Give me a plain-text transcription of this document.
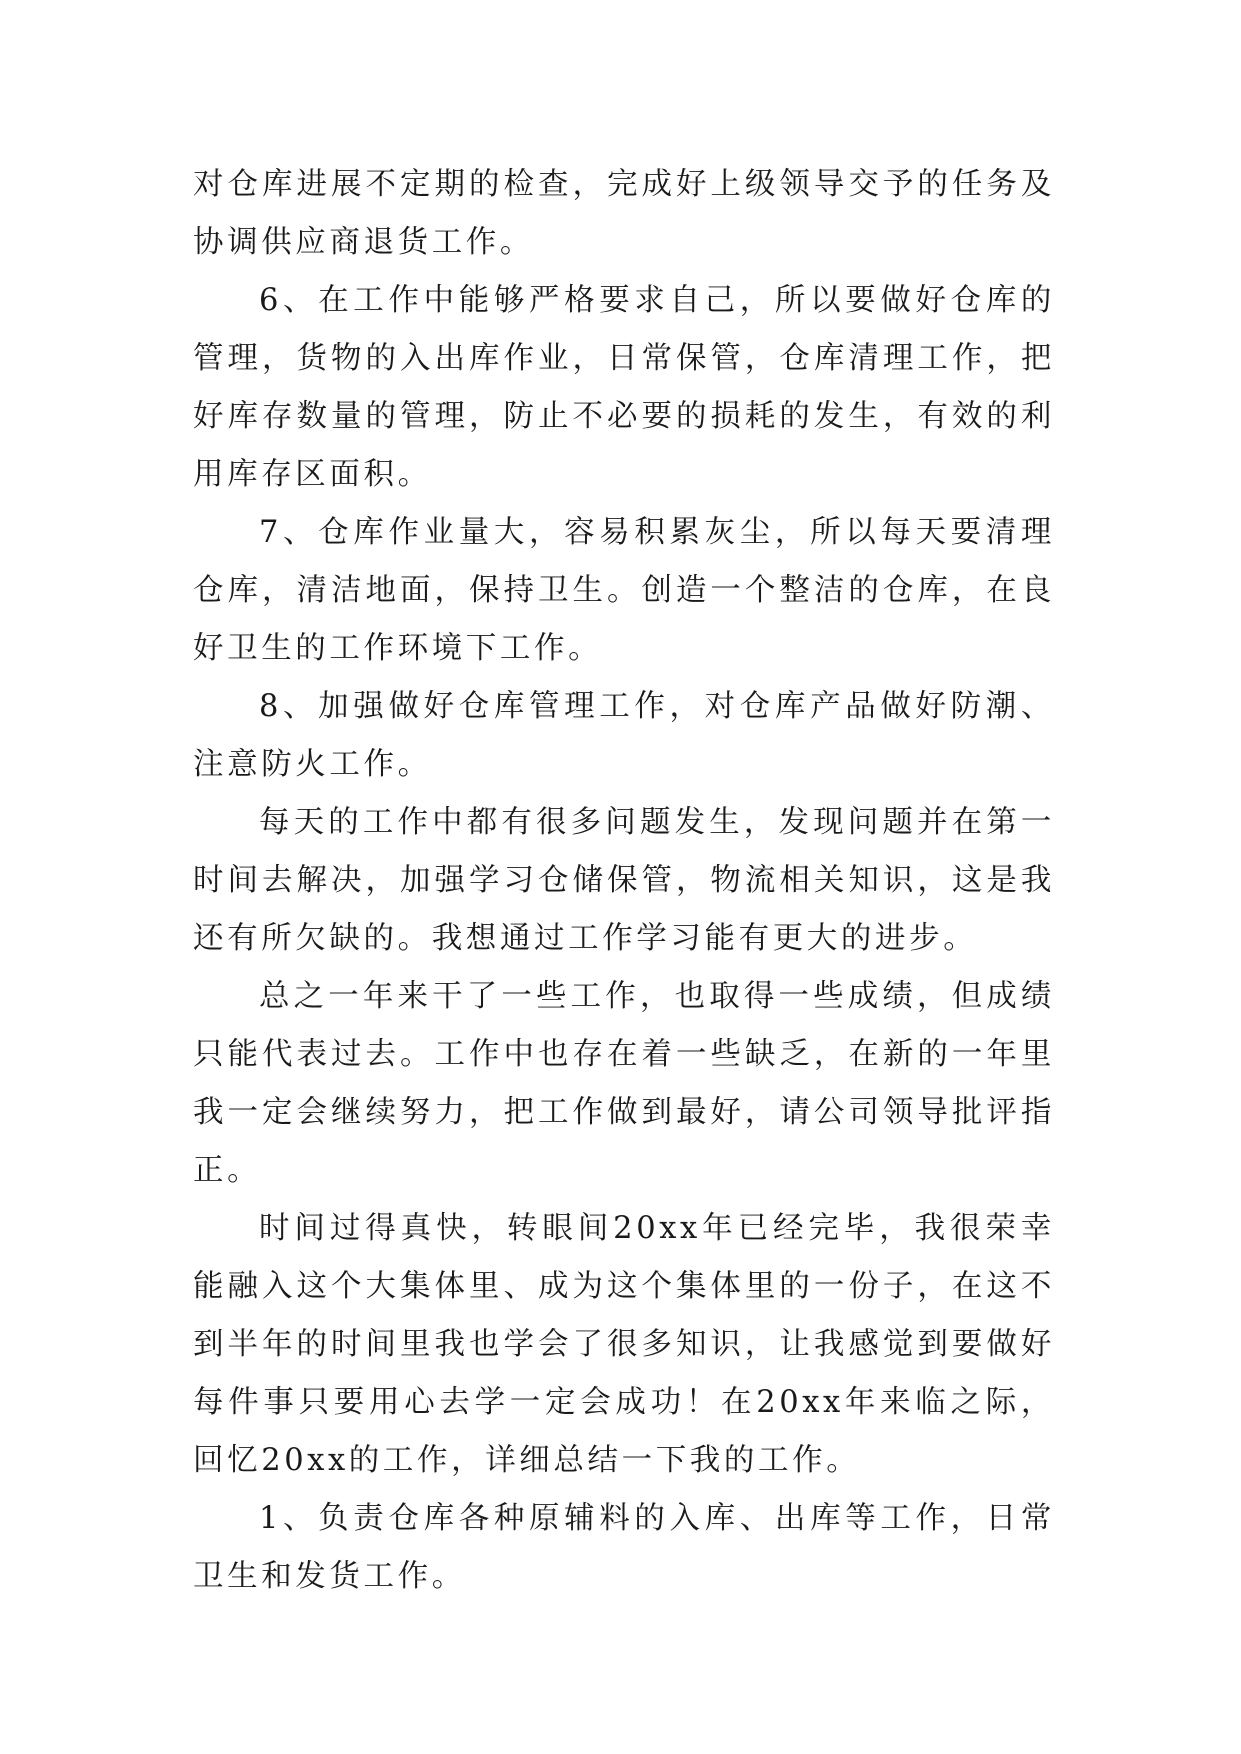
对仓库进展不定期的检查，完成好上级领导交予的任务及协调供应商退货工作。

6、在工作中能够严格要求自己，所以要做好仓库的管理，货物的入出库作业，日常保管，仓库清理工作，把好库存数量的管理，防止不必要的损耗的发生，有效的利用库存区面积。

7、仓库作业量大，容易积累灰尘，所以每天要清理仓库，清洁地面，保持卫生。创造一个整洁的仓库，在良好卫生的工作环境下工作。

8、加强做好仓库管理工作，对仓库产品做好防潮、注意防火工作。

每天的工作中都有很多问题发生，发现问题并在第一时间去解决，加强学习仓储保管，物流相关知识，这是我还有所欠缺的。我想通过工作学习能有更大的进步。

总之一年来干了一些工作，也取得一些成绩，但成绩只能代表过去。工作中也存在着一些缺乏，在新的一年里我一定会继续努力，把工作做到最好，请公司领导批评指正。

时间过得真快，转眼间20xx年已经完毕，我很荣幸能融入这个大集体里、成为这个集体里的一份子，在这不到半年的时间里我也学会了很多知识，让我感觉到要做好每件事只要用心去学一定会成功！在20xx年来临之际，回忆20xx的工作，详细总结一下我的工作。

1、负责仓库各种原辅料的入库、出库等工作，日常卫生和发货工作。
